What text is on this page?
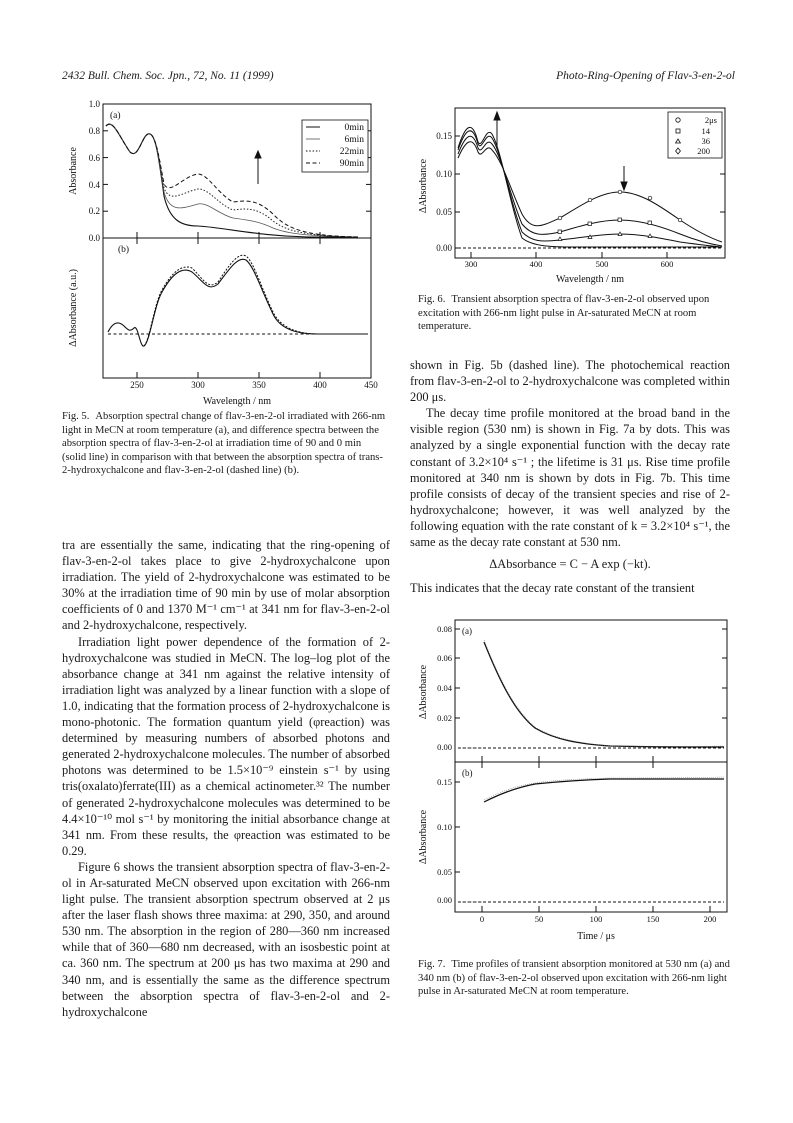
2432 Bull. Chem. Soc. Jpn., 72, No. 11 (1999)	Photo-Ring-Opening of Flav-3-en-2-ol
1.0
0.8
0.6
0.4
0.2
0.0
Absorbance
ΔAbsorbance (a.u.)
(a)
(b)
250	300	350	400	450
Wavelength / nm
0min
6min
22min
90min
Fig. 5. Absorption spectral change of flav-3-en-2-ol irradiated with 266-nm light in MeCN at room temperature (a), and difference spectra between the absorption spectra of flav-3-en-2-ol at irradiation time of 90 and 0 min (solid line) in comparison with that between the absorption spectra of trans-2-hydroxychalcone and flav-3-en-2-ol (dashed line) (b).
0.15
0.10
0.05
0.00
ΔAbsorbance
300	400	500	600
Wavelength / nm
2μs
14
36
200
Fig. 6. Transient absorption spectra of flav-3-en-2-ol observed upon excitation with 266-nm light pulse in Ar-saturated MeCN at room temperature.
0.08
0.06
0.04
0.02
0.00
0.15
0.10
0.05
0.00
ΔAbsorbance
ΔAbsorbance
(a)
(b)
0	50	100	150	200
Time / μs
Fig. 7. Time profiles of transient absorption monitored at 530 nm (a) and 340 nm (b) of flav-3-en-2-ol observed upon excitation with 266-nm light pulse in Ar-saturated MeCN at room temperature.

tra are essentially the same, indicating that the ring-opening of flav-3-en-2-ol takes place to give 2-hydroxychalcone upon irradiation. The yield of 2-hydroxychalcone was estimated to be 30% at the irradiation time of 90 min by use of molar absorption coefficients of 0 and 1370 M⁻¹ cm⁻¹ at 341 nm for flav-3-en-2-ol and 2-hydroxychalcone, respectively.

Irradiation light power dependence of the formation of 2-hydroxychalcone was studied in MeCN. The log–log plot of the absorbance change at 341 nm against the relative intensity of irradiation light was analyzed by a linear function with a slope of 1.0, indicating that the formation process of 2-hydroxychalcone is mono-photonic. The formation quantum yield (φreaction) was determined by measuring numbers of absorbed photons and generated 2-hydroxychalcone molecules. The number of absorbed photons was determined to be 1.5×10⁻⁹ einstein s⁻¹ by using tris(oxalato)ferrate(III) as a chemical actinometer.³² The number of generated 2-hydroxychalcone molecules was determined to be 4.4×10⁻¹⁰ mol s⁻¹ by monitoring the initial absorbance change at 341 nm. From these results, the φreaction was estimated to be 0.29.

Figure 6 shows the transient absorption spectra of flav-3-en-2-ol in Ar-saturated MeCN observed upon excitation with 266-nm light pulse. The transient absorption spectrum observed at 2 μs after the laser flash shows three maxima: at 290, 350, and around 530 nm. The absorption in the region of 280—360 nm increased while that of 360—680 nm decreased, with an isosbestic point at ca. 360 nm. The spectrum at 200 μs has two maxima at 290 and 340 nm, and is essentially the same as the difference spectrum between the absorption spectra of flav-3-en-2-ol and 2-hydroxychalcone

shown in Fig. 5b (dashed line). The photochemical reaction from flav-3-en-2-ol to 2-hydroxychalcone was completed within 200 μs.

The decay time profile monitored at the broad band in the visible region (530 nm) is shown in Fig. 7a by dots. This was analyzed by a single exponential function with the decay rate constant of 3.2×10⁴ s⁻¹ ; the lifetime is 31 μs. Rise time profile monitored at 340 nm is shown by dots in Fig. 7b. This time profile consists of decay of the transient species and rise of 2-hydroxychalcone; however, it was well analyzed by the following equation with the rate constant of k = 3.2×10⁴ s⁻¹, the same as the decay rate constant at 530 nm.

ΔAbsorbance = C − A exp (−kt).

This indicates that the decay rate constant of the transient
